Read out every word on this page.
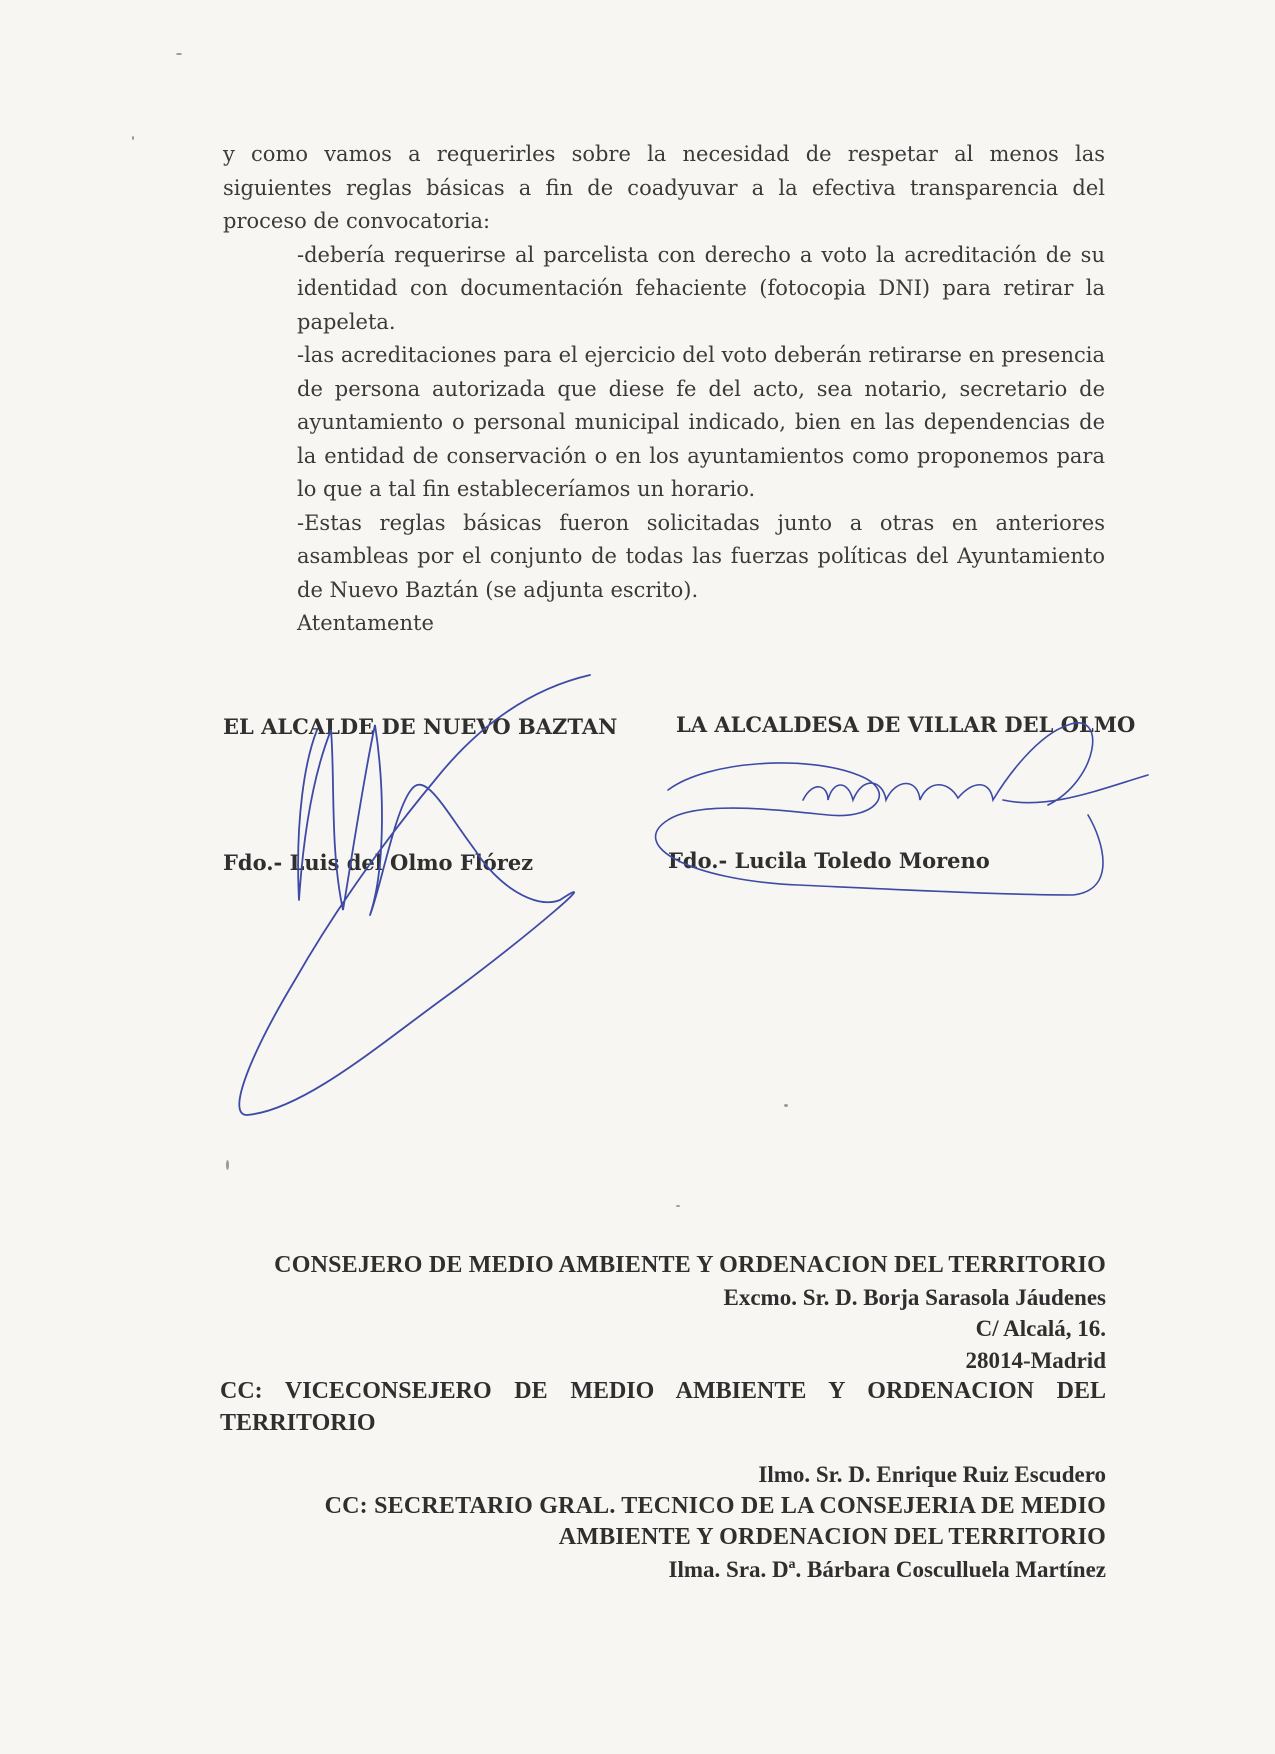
y como vamos a requerirles sobre la necesidad de respetar al menos las siguientes reglas básicas a fin de coadyuvar a la efectiva transparencia del proceso de convocatoria:

-debería requerirse al parcelista con derecho a voto la acreditación de su identidad con documentación fehaciente (fotocopia DNI) para retirar la papeleta.

-las acreditaciones para el ejercicio del voto deberán retirarse en presencia de persona autorizada que diese fe del acto, sea notario, secretario de ayuntamiento o personal municipal indicado, bien en las dependencias de la entidad de conservación o en los ayuntamientos como proponemos para lo que a tal fin estableceríamos un horario.

-Estas reglas básicas fueron solicitadas junto a otras en anteriores asambleas por el conjunto de todas las fuerzas políticas del Ayuntamiento de Nuevo Baztán (se adjunta escrito).

Atentamente

EL ALCALDE DE NUEVO BAZTAN	LA ALCALDESA DE VILLAR DEL OLMO
Fdo.- Luis del Olmo Flórez	Fdo.- Lucila Toledo Moreno

CONSEJERO DE MEDIO AMBIENTE Y ORDENACION DEL TERRITORIO

Excmo. Sr. D. Borja Sarasola Jáudenes

C/ Alcalá, 16.

28014-Madrid

CC: VICECONSEJERO DE MEDIO AMBIENTE Y ORDENACION DEL

TERRITORIO

Ilmo. Sr. D. Enrique Ruiz Escudero

CC: SECRETARIO GRAL. TECNICO DE LA CONSEJERIA DE MEDIO

AMBIENTE Y ORDENACION DEL TERRITORIO

Ilma. Sra. Dª. Bárbara Cosculluela Martínez
